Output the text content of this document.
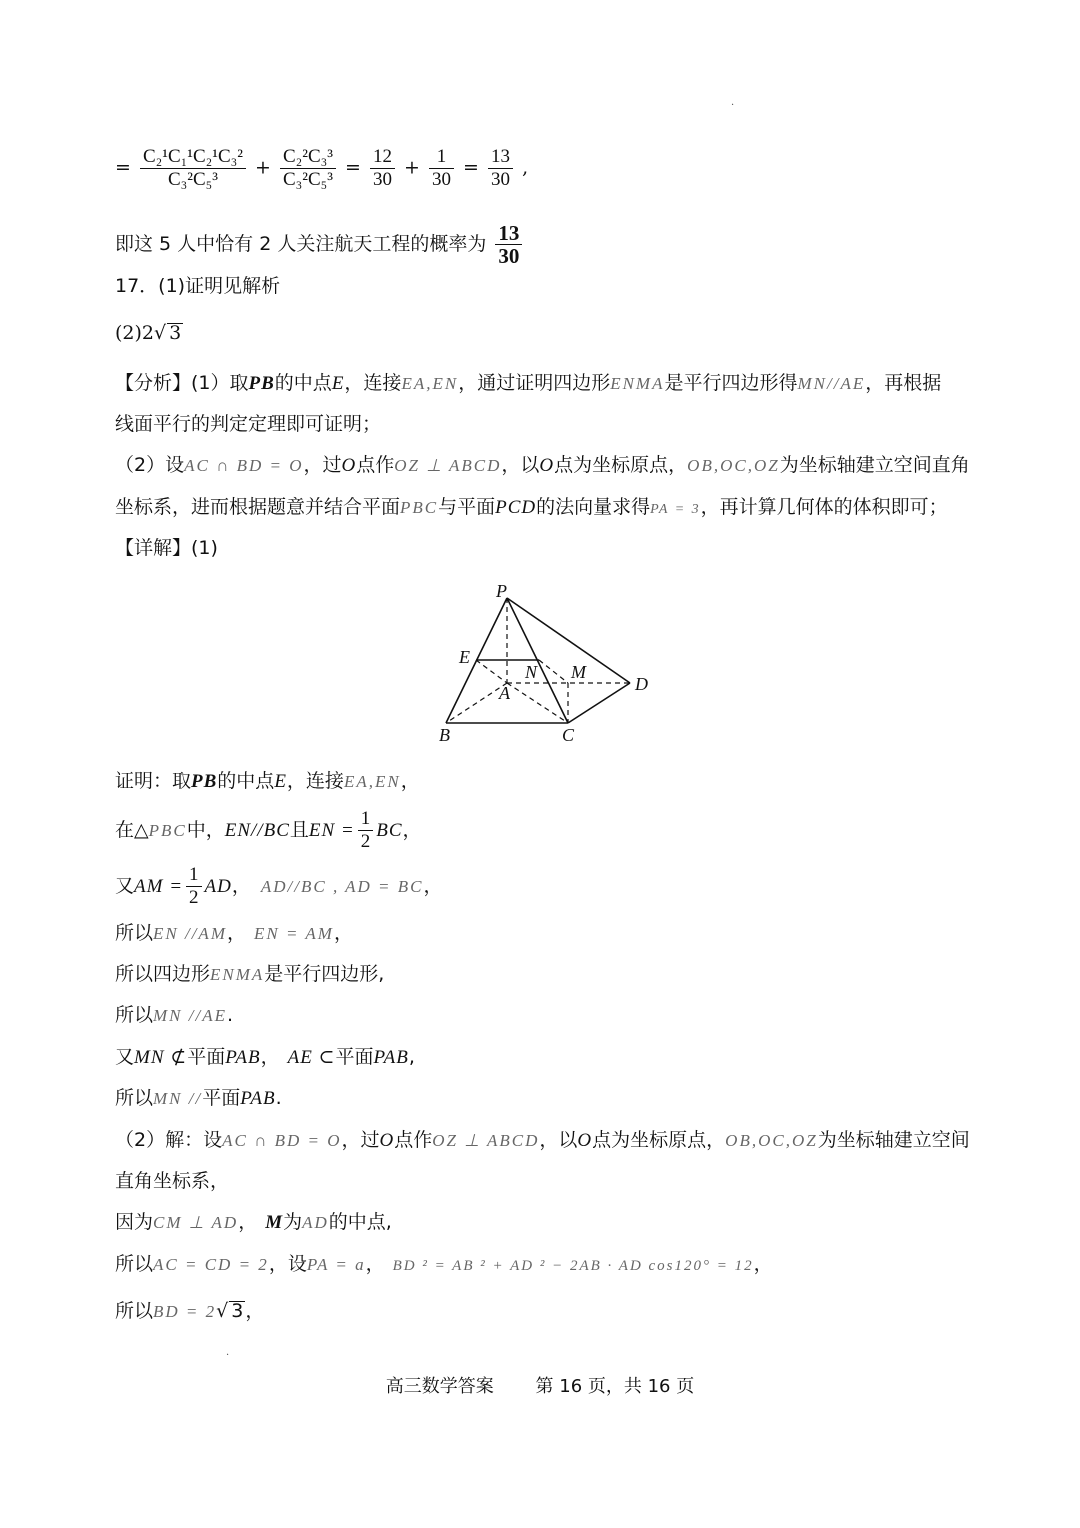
= $\frac{\text{C₂¹C₁¹C₂¹C₃²}}{\text{C₃²C₅³}} + \frac{\text{C₂²C₃³}}{\text{C₃²C₅³}} = \frac{12}{30} + \frac{1}{30} = \frac{13}{30}$ ,
即这 5 人中恰有 2 人关注航天工程的概率为 $\frac{13}{30}$
17．(1)证明见解析
(2)2√ 3
【分析】(1）取PB的中点E，连接EA,EN，通过证明四边形ENMA是平行四边形得MN//AE，再根据
线面平行的判定定理即可证明；
（2）设AC ∩ BD = O，过O点作OZ ⊥ ABCD，以O点为坐标原点，OB,OC,OZ为坐标轴建立空间直角
坐标系，进而根据题意并结合平面PBC与平面PCD的法向量求得PA = 3，再计算几何体的体积即可；
【详解】(1)
P
E
N M
A	D
B	C
证明：取PB的中点E，连接EA,EN，
在△PBC中，EN//BC且EN = $\frac{1}{2}$ BC，
又AM = $\frac{1}{2}$ AD， AD//BC , AD = BC，
所以EN //AM， EN = AM，
所以四边形ENMA是平行四边形,
所以MN //AE.
又MN ⊄平面PAB， AE ⊂平面PAB,
所以MN //平面PAB.
（2）解：设AC ∩ BD = O，过O点作OZ ⊥ ABCD，以O点为坐标原点，OB,OC,OZ为坐标轴建立空间
直角坐标系，
因为CM ⊥ AD， M为AD的中点,
所以AC = CD = 2，设PA = a， BD ² = AB ² + AD ² − 2AB · AD cos120° = 12，
所以BD = 2√ 3 ，
·
·
高三数学答案 第 16 页，共 16 页
